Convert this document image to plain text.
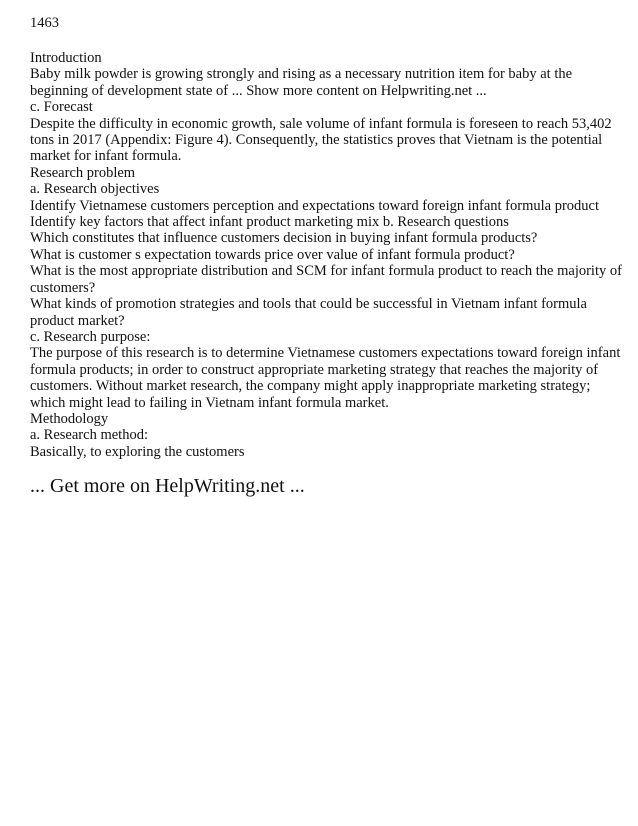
1463
Introduction
Baby milk powder is growing strongly and rising as a necessary nutrition item for baby at the
beginning of development state of ... Show more content on Helpwriting.net ...
c. Forecast
Despite the difficulty in economic growth, sale volume of infant formula is foreseen to reach 53,402
tons in 2017 (Appendix: Figure 4). Consequently, the statistics proves that Vietnam is the potential
market for infant formula.
Research problem
a. Research objectives
Identify Vietnamese customers perception and expectations toward foreign infant formula product
Identify key factors that affect infant product marketing mix b. Research questions
Which constitutes that influence customers decision in buying infant formula products?
What is customer s expectation towards price over value of infant formula product?
What is the most appropriate distribution and SCM for infant formula product to reach the majority of
customers?
What kinds of promotion strategies and tools that could be successful in Vietnam infant formula
product market?
c. Research purpose:
The purpose of this research is to determine Vietnamese customers expectations toward foreign infant
formula products; in order to construct appropriate marketing strategy that reaches the majority of
customers. Without market research, the company might apply inappropriate marketing strategy;
which might lead to failing in Vietnam infant formula market.
Methodology
a. Research method:
Basically, to exploring the customers
... Get more on HelpWriting.net ...
